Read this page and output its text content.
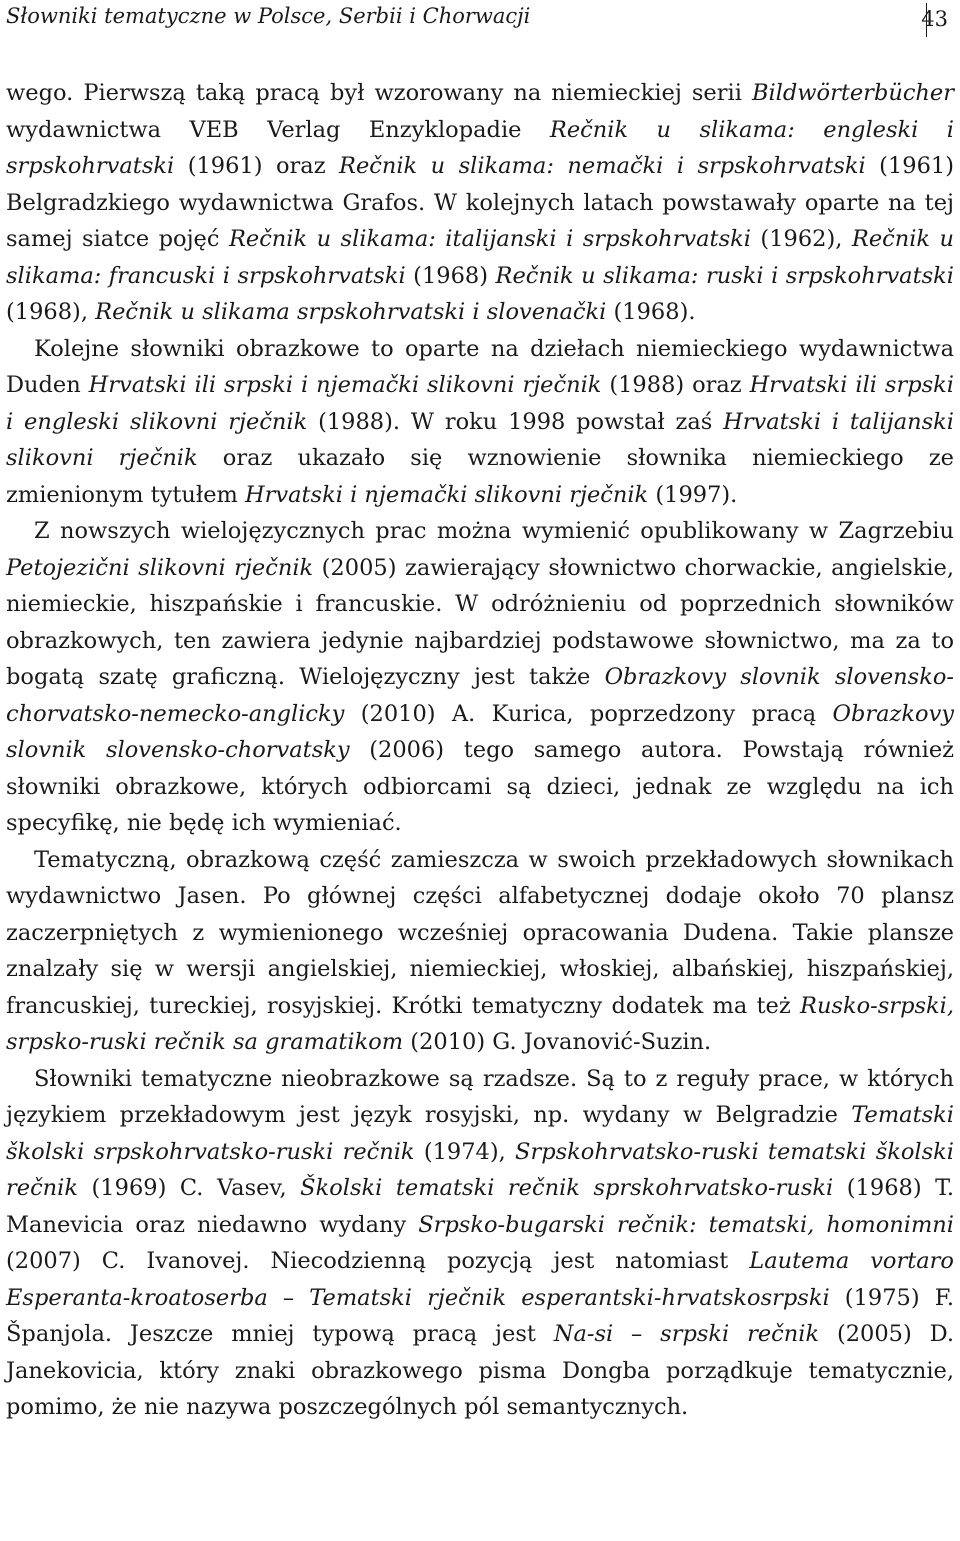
Słowniki tematyczne w Polsce, Serbii i Chorwacji	43

wego. Pierwszą taką pracą był wzorowany na niemieckiej serii Bildwörterbücher wydawnictwa VEB Verlag Enzyklopadie Rečnik u slikama: engleski i srpskohrvatski (1961) oraz Rečnik u slikama: nemački i srpskohrvatski (1961) Belgradzkiego wydawnictwa Grafos. W kolejnych latach powstawały oparte na tej samej siatce pojęć Rečnik u slikama: italijanski i srpskohrvatski (1962), Rečnik u slikama: francuski i srpskohrvatski (1968) Rečnik u slikama: ruski i srpskohrvatski (1968), Rečnik u slikama srpskohrvatski i slovenački (1968).

Kolejne słowniki obrazkowe to oparte na dziełach niemieckiego wydawnictwa Duden Hrvatski ili srpski i njemački slikovni rječnik (1988) oraz Hrvatski ili srpski i engleski slikovni rječnik (1988). W roku 1998 powstał zaś Hrvatski i talijanski slikovni rječnik oraz ukazało się wznowienie słownika niemieckiego ze zmienionym tytułem Hrvatski i njemački slikovni rječnik (1997).

Z nowszych wielojęzycznych prac można wymienić opublikowany w Zagrzebiu Petojezični slikovni rječnik (2005) zawierający słownictwo chorwackie, angielskie, niemieckie, hiszpańskie i francuskie. W odróżnieniu od poprzednich słowników obrazkowych, ten zawiera jedynie najbardziej podstawowe słownictwo, ma za to bogatą szatę graficzną. Wielojęzyczny jest także Obrazkovy slovnik slovensko-chorvatsko-nemecko-anglicky (2010) A. Kurica, poprzedzony pracą Obrazkovy slovnik slovensko-chorvatsky (2006) tego samego autora. Powstają również słowniki obrazkowe, których odbiorcami są dzieci, jednak ze względu na ich specyfikę, nie będę ich wymieniać.

Tematyczną, obrazkową część zamieszcza w swoich przekładowych słownikach wydawnictwo Jasen. Po głównej części alfabetycznej dodaje około 70 plansz zaczerpniętych z wymienionego wcześniej opracowania Dudena. Takie plansze znalzały się w wersji angielskiej, niemieckiej, włoskiej, albańskiej, hiszpańskiej, francuskiej, tureckiej, rosyjskiej. Krótki tematyczny dodatek ma też Rusko-srpski, srpsko-ruski rečnik sa gramatikom (2010) G. Jovanović-Suzin.

Słowniki tematyczne nieobrazkowe są rzadsze. Są to z reguły prace, w których językiem przekładowym jest język rosyjski, np. wydany w Belgradzie Tematski školski srpskohrvatsko-ruski rečnik (1974), Srpskohrvatsko-ruski tematski školski rečnik (1969) C. Vasev, Školski tematski rečnik sprskohrvatsko-ruski (1968) T. Manevicia oraz niedawno wydany Srpsko-bugarski rečnik: tematski, homonimni (2007) C. Ivanovej. Niecodzienną pozycją jest natomiast Lautema vortaro Esperanta-kroatoserba – Tematski rječnik esperantski-hrvatskosrpski (1975) F. Španjola. Jeszcze mniej typową pracą jest Na-si – srpski rečnik (2005) D. Janekovicia, który znaki obrazkowego pisma Dongba porządkuje tematycznie, pomimo, że nie nazywa poszczególnych pól semantycznych.
